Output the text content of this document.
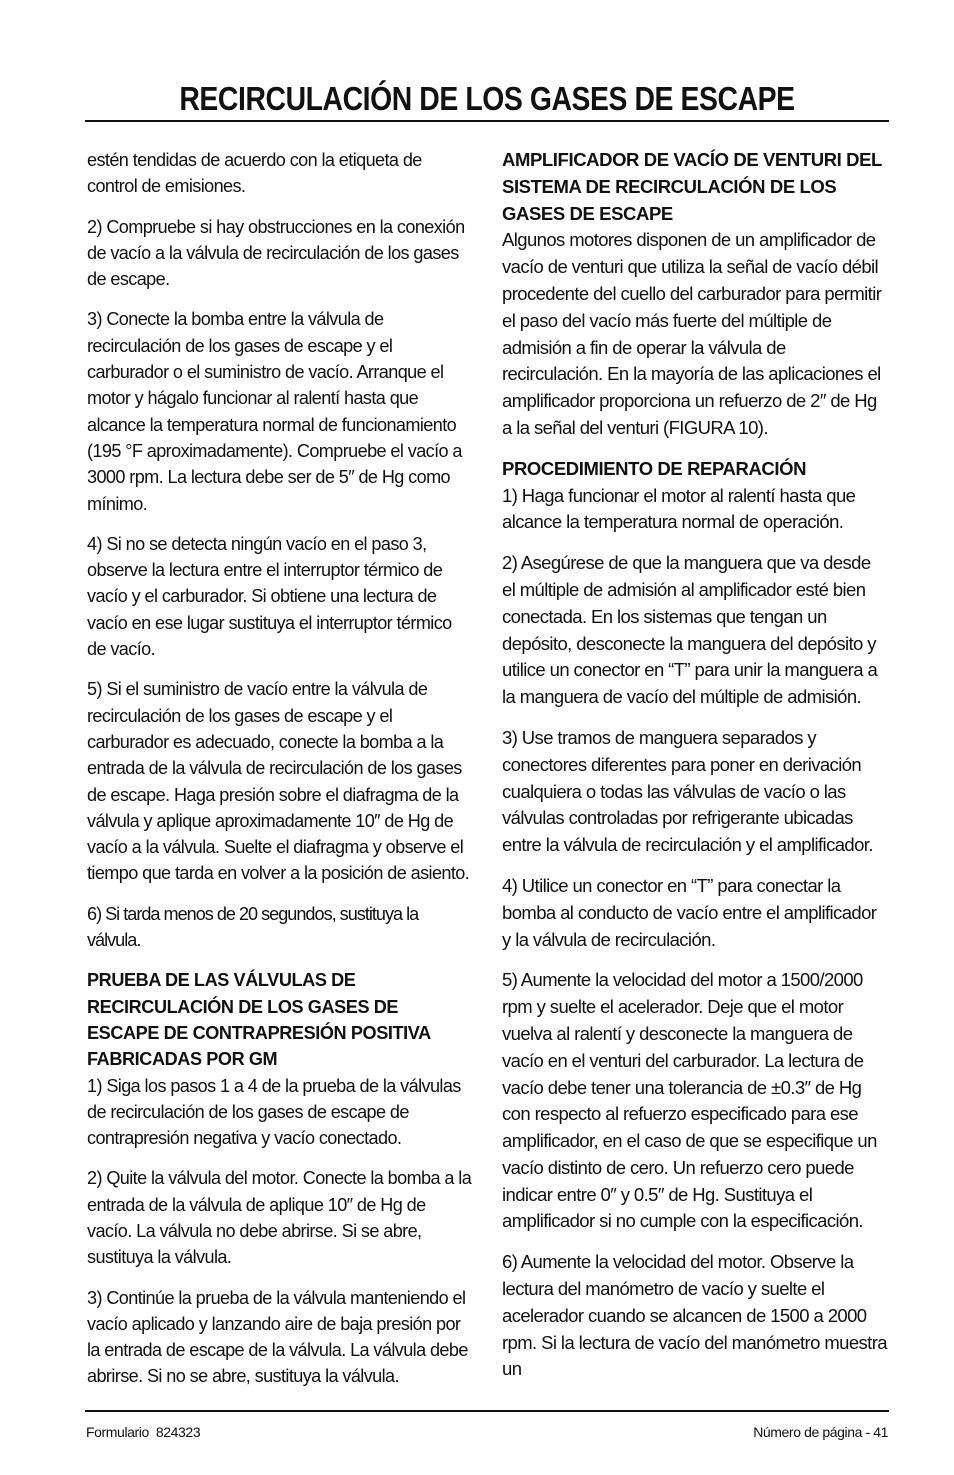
RECIRCULACIÓN DE LOS GASES DE ESCAPE

estén tendidas de acuerdo con la etiqueta de control de emisiones.

2) Compruebe si hay obstrucciones en la conexión de vacío a la válvula de recirculación de los gases de escape.

3) Conecte la bomba entre la válvula de recirculación de los gases de escape y el carburador o el suministro de vacío. Arranque el motor y hágalo funcionar al ralentí hasta que alcance la temperatura normal de funcionamiento (195 °F aproximadamente). Compruebe el vacío a 3000 rpm. La lectura debe ser de 5″ de Hg como mínimo.

4) Si no se detecta ningún vacío en el paso 3, observe la lectura entre el interruptor térmico de vacío y el carburador. Si obtiene una lectura de vacío en ese lugar sustituya el interruptor térmico de vacío.

5) Si el suministro de vacío entre la válvula de recirculación de los gases de escape y el carburador es adecuado, conecte la bomba a la entrada de la válvula de recirculación de los gases de escape. Haga presión sobre el diafragma de la válvula y aplique aproximadamente 10″ de Hg de vacío a la válvula. Suelte el diafragma y observe el tiempo que tarda en volver a la posición de asiento.

6) Si tarda menos de 20 segundos, sustituya la válvula.

PRUEBA DE LAS VÁLVULAS DE RECIRCULACIÓN DE LOS GASES DE ESCAPE DE CONTRAPRESIÓN POSITIVA FABRICADAS POR GM

1) Siga los pasos 1 a 4 de la prueba de la válvulas de recirculación de los gases de escape de contrapresión negativa y vacío conectado.

2) Quite la válvula del motor. Conecte la bomba a la entrada de la válvula de aplique 10″ de Hg de vacío. La válvula no debe abrirse. Si se abre, sustituya la válvula.

3) Continúe la prueba de la válvula manteniendo el vacío aplicado y lanzando aire de baja presión por la entrada de escape de la válvula. La válvula debe abrirse. Si no se abre, sustituya la válvula.

AMPLIFICADOR DE VACÍO DE VENTURI DEL SISTEMA DE RECIRCULACIÓN DE LOS GASES DE ESCAPE

Algunos motores disponen de un amplificador de vacío de venturi que utiliza la señal de vacío débil procedente del cuello del carburador para permitir el paso del vacío más fuerte del múltiple de admisión a fin de operar la válvula de recirculación. En la mayoría de las aplicaciones el amplificador proporciona un refuerzo de 2″ de Hg a la señal del venturi (FIGURA 10).

PROCEDIMIENTO DE REPARACIÓN

1) Haga funcionar el motor al ralentí hasta que alcance la temperatura normal de operación.

2) Asegúrese de que la manguera que va desde el múltiple de admisión al amplificador esté bien conectada. En los sistemas que tengan un depósito, desconecte la manguera del depósito y utilice un conector en “T” para unir la manguera a la manguera de vacío del múltiple de admisión.

3) Use tramos de manguera separados y conectores diferentes para poner en derivación cualquiera o todas las válvulas de vacío o las válvulas controladas por refrigerante ubicadas entre la válvula de recirculación y el amplificador.

4) Utilice un conector en “T” para conectar la bomba al conducto de vacío entre el amplificador y la válvula de recirculación.

5) Aumente la velocidad del motor a 1500/2000 rpm y suelte el acelerador. Deje que el motor vuelva al ralentí y desconecte la manguera de vacío en el venturi del carburador. La lectura de vacío debe tener una tolerancia de ±0.3″ de Hg con respecto al refuerzo especificado para ese amplificador, en el caso de que se especifique un vacío distinto de cero. Un refuerzo cero puede indicar entre 0″ y 0.5″ de Hg. Sustituya el amplificador si no cumple con la especificación.

6) Aumente la velocidad del motor. Observe la lectura del manómetro de vacío y suelte el acelerador cuando se alcancen de 1500 a 2000 rpm. Si la lectura de vacío del manómetro muestra un

Formulario  824323	Número de página - 41
